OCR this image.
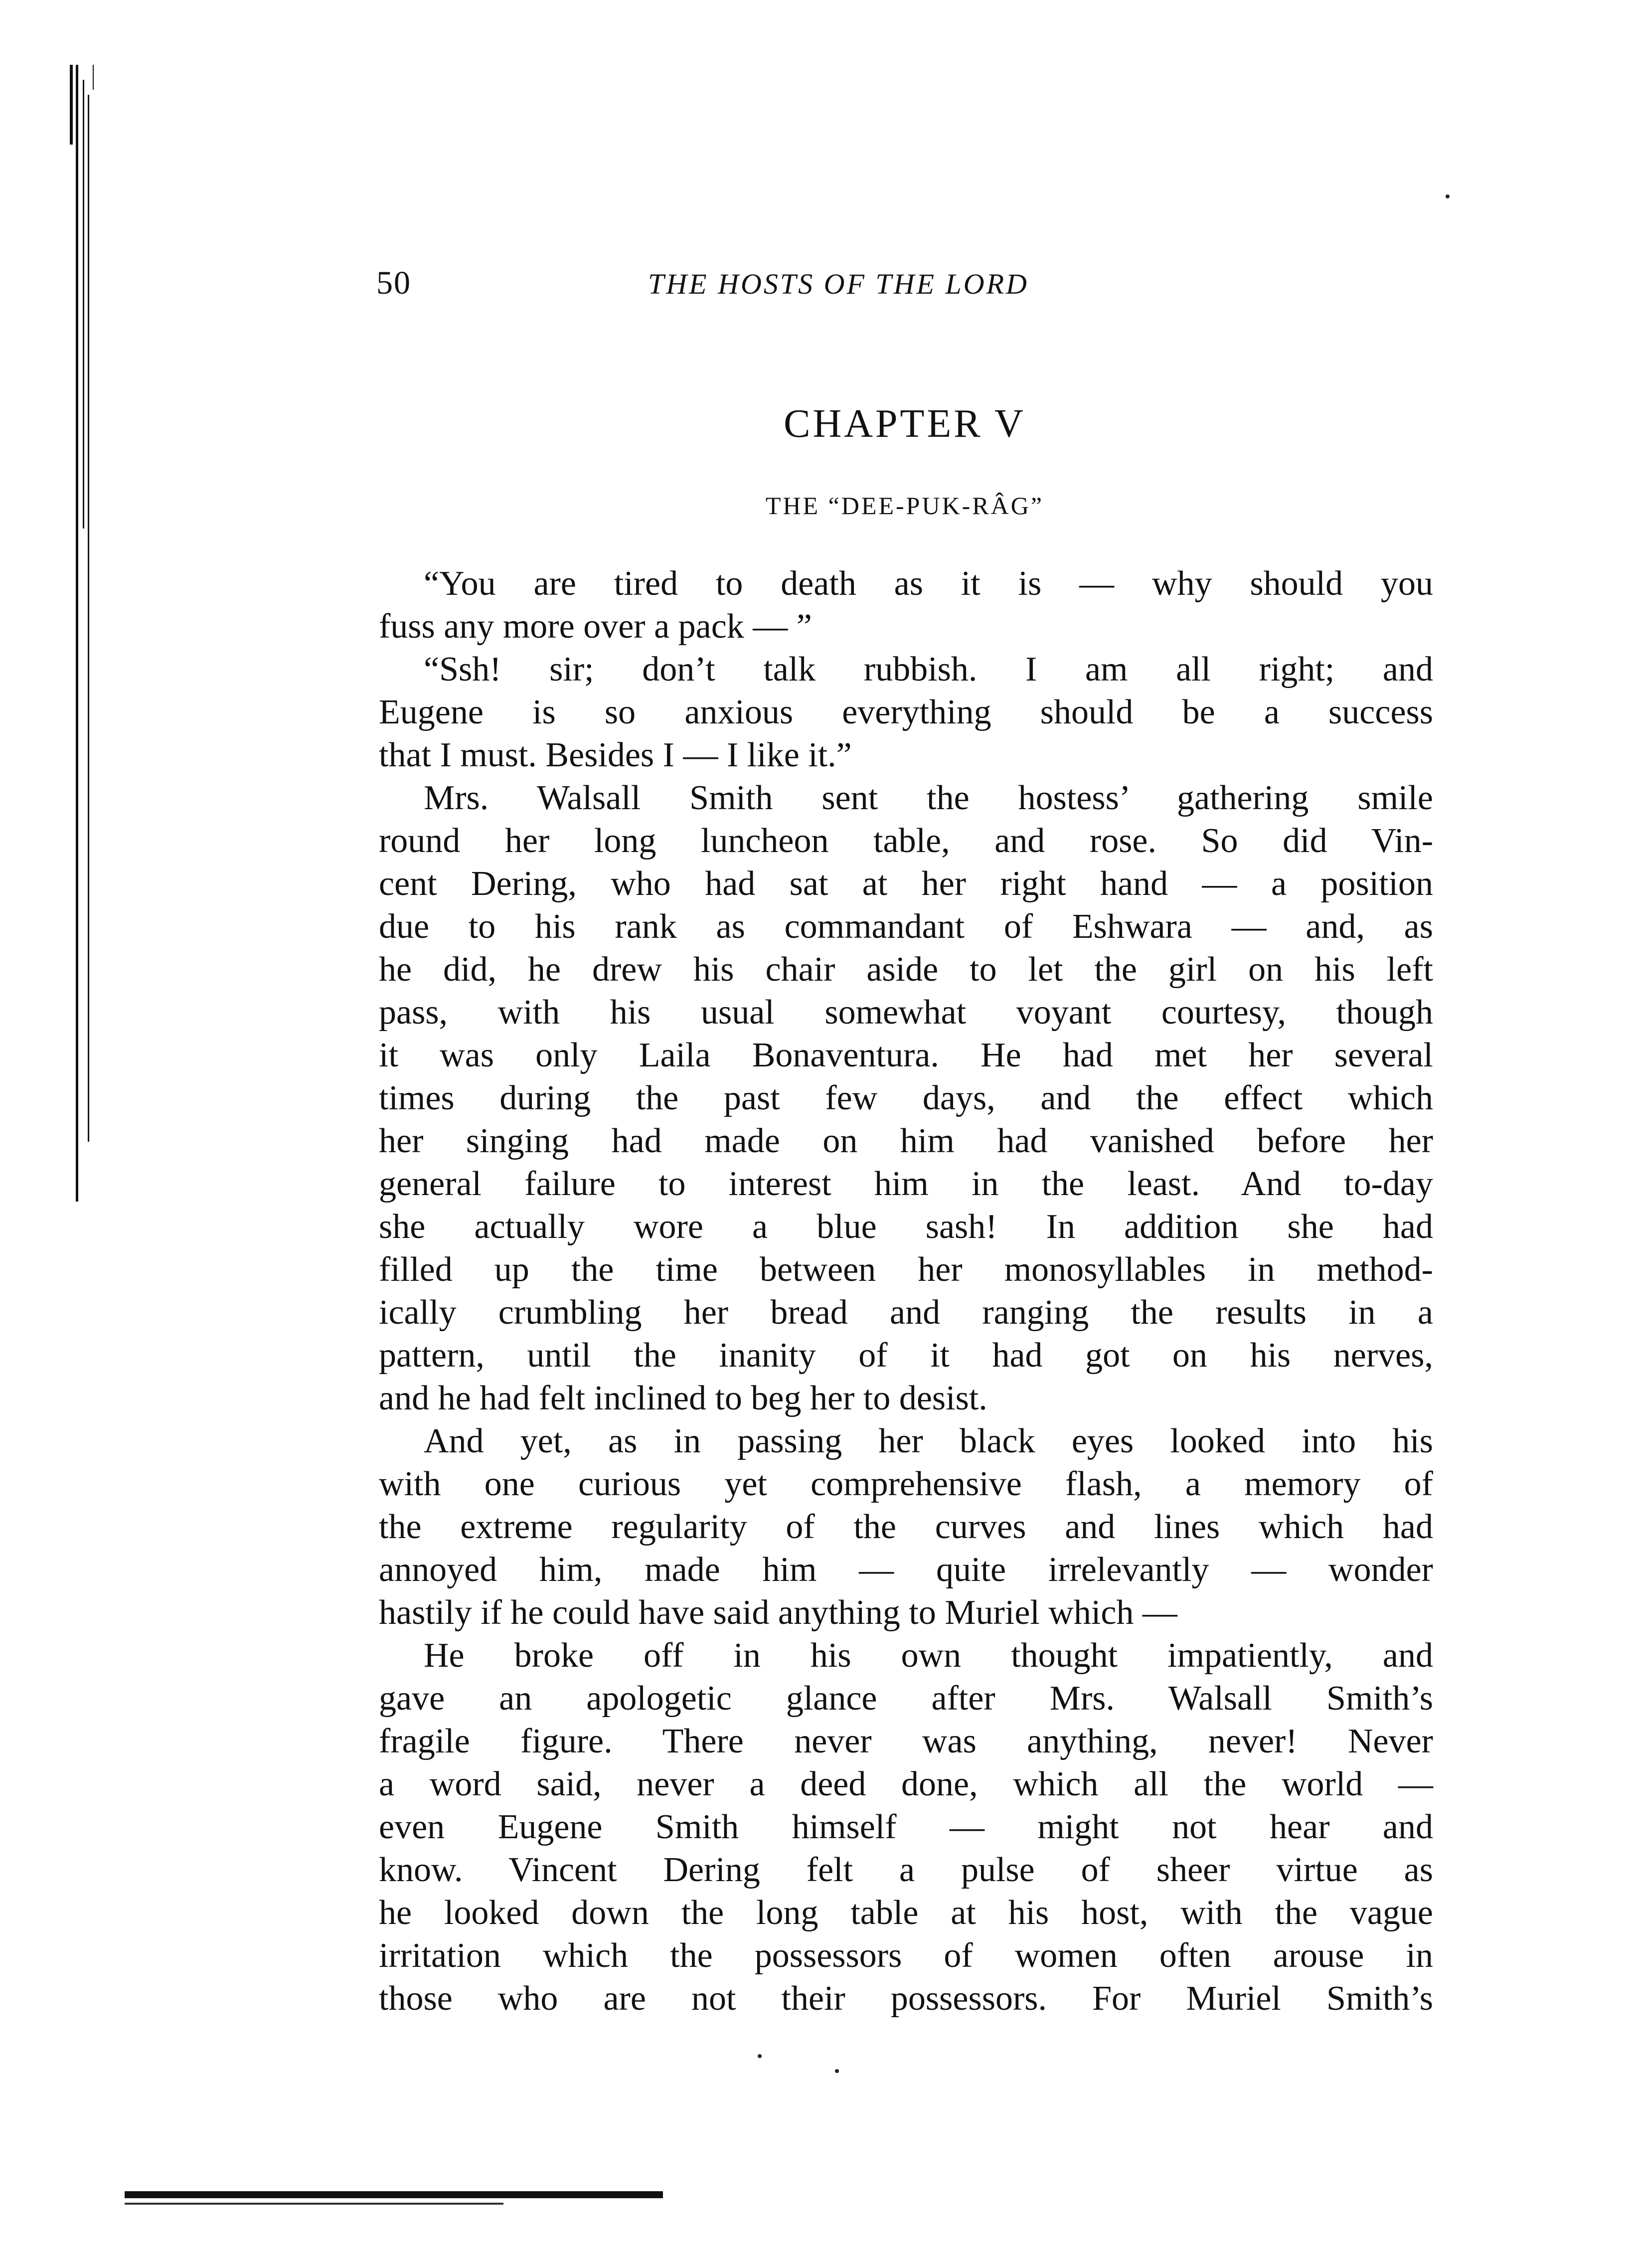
50	THE HOSTS OF THE LORD
CHAPTER V
THE “DEE-PUK-RÂG”
“You are tired to death as it is — why should you
fuss any more over a pack — ”
“Ssh! sir; don’t talk rubbish. I am all right; and
Eugene is so anxious everything should be a success
that I must. Besides I — I like it.”
Mrs. Walsall Smith sent the hostess’ gathering smile
round her long luncheon table, and rose. So did Vin-
cent Dering, who had sat at her right hand — a position
due to his rank as commandant of Eshwara — and, as
he did, he drew his chair aside to let the girl on his left
pass, with his usual somewhat voyant courtesy, though
it was only Laila Bonaventura. He had met her several
times during the past few days, and the effect which
her singing had made on him had vanished before her
general failure to interest him in the least. And to-day
she actually wore a blue sash! In addition she had
filled up the time between her monosyllables in method-
ically crumbling her bread and ranging the results in a
pattern, until the inanity of it had got on his nerves,
and he had felt inclined to beg her to desist.
And yet, as in passing her black eyes looked into his
with one curious yet comprehensive flash, a memory of
the extreme regularity of the curves and lines which had
annoyed him, made him — quite irrelevantly — wonder
hastily if he could have said anything to Muriel which —
He broke off in his own thought impatiently, and
gave an apologetic glance after Mrs. Walsall Smith’s
fragile figure. There never was anything, never! Never
a word said, never a deed done, which all the world —
even Eugene Smith himself — might not hear and
know. Vincent Dering felt a pulse of sheer virtue as
he looked down the long table at his host, with the vague
irritation which the possessors of women often arouse in
those who are not their possessors. For Muriel Smith’s
